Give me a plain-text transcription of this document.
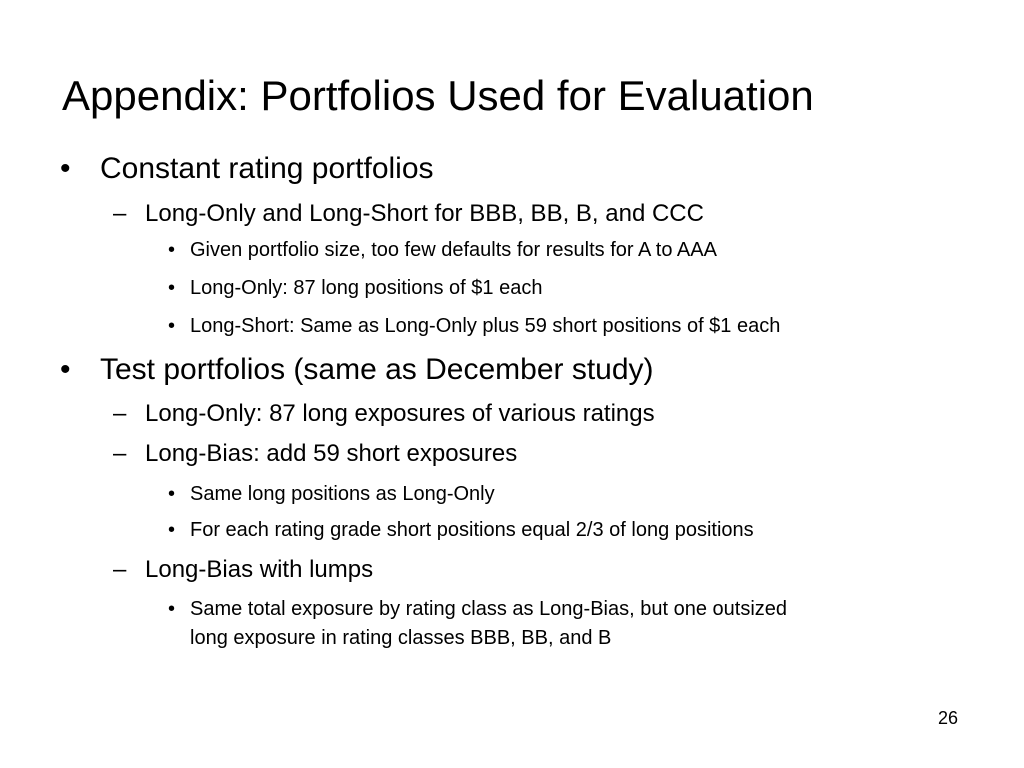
Appendix: Portfolios Used for Evaluation
• Constant rating portfolios
– Long-Only and Long-Short for BBB, BB, B, and CCC
• Given portfolio size, too few defaults for results for A to AAA
• Long-Only: 87 long positions of $1 each
• Long-Short: Same as Long-Only plus 59 short positions of $1 each
• Test portfolios (same as December study)
– Long-Only: 87 long exposures of various ratings
– Long-Bias: add 59 short exposures
• Same long positions as Long-Only
• For each rating grade short positions equal 2/3 of long positions
– Long-Bias with lumps
• Same total exposure by rating class as Long-Bias, but one outsized
long exposure in rating classes BBB, BB, and B
26
